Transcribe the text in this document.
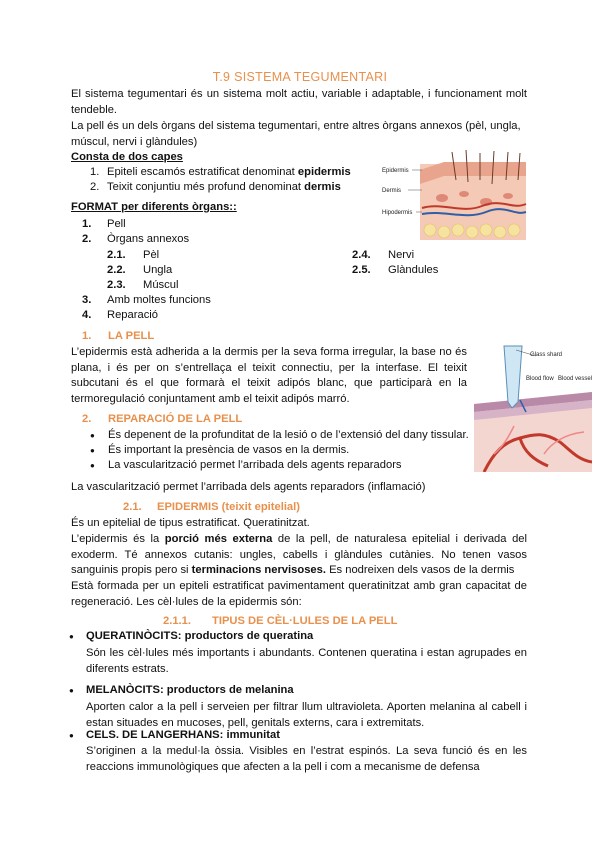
T.9 SISTEMA TEGUMENTARI
El sistema tegumentari és un sistema molt actiu, variable i adaptable, i funcionament molt tendeble.
La pell és un dels òrgans del sistema tegumentari, entre altres òrgans annexos (pèl, ungla, múscul, nervi i glàndules)
Consta de dos capes
1. Epiteli escamós estratificat denominat epidermis
2. Teixit conjuntiu més profund denominat dermis
Epidermis
Dermis
Hipodermis
FORMAT per diferents òrgans::
1. Pell
2. Òrgans annexos
2.1. Pèl
2.2. Ungla
2.3. Múscul
2.4. Nervi
2.5. Glàndules
3. Amb moltes funcions
4. Reparació
1. LA PELL
L’epidermis està adherida a la dermis per la seva forma irregular, la base no és plana, i és per on s’entrellaça el teixit connectiu, per la interfase. El teixit subcutani és el que formarà el teixit adipós blanc, que participarà en la termoregulació conjuntament amb el teixit adipós marró.
Glass shard
Blood flow Blood vessel
2. REPARACIÓ DE LA PELL
● És depenent de la profunditat de la lesió o de l’extensió del dany tissular.
● És important la presència de vasos en la dermis.
● La vascularització permet l’arribada dels agents reparadors
La vascularització permet l’arribada dels agents reparadors (inflamació)
2.1. EPIDERMIS (teixit epitelial)
És un epitelial de tipus estratificat. Queratinitzat.
L’epidermis és la porció més externa de la pell, de naturalesa epitelial i derivada del exoderm. Té annexos cutanis: ungles, cabells i glàndules cutànies. No tenen vasos sanguinis propis pero si terminacions nervisoses. Es nodreixen dels vasos de la dermis
Està formada per un epiteli estratificat pavimentament queratinitzat amb gran capacitat de regeneració. Les cèl·lules de la epidermis són:
2.1.1. TIPUS DE CÈL·LULES DE LA PELL
● QUERATINÒCITS: productors de queratina
Són les cèl·lules més importants i abundants. Contenen queratina i estan agrupades en diferents estrats.
● MELANÒCITS: productors de melanina
Aporten calor a la pell i serveien per filtrar llum ultravioleta. Aporten melanina al cabell i estan situades en mucoses, pell, genitals externs, cara i extremitats.
● CELS. DE LANGERHANS: immunitat
S’originen a la medul·la òssia. Visibles en l’estrat espinós. La seva funció és en les reaccions immunològiques que afecten a la pell i com a mecanisme de defensa
